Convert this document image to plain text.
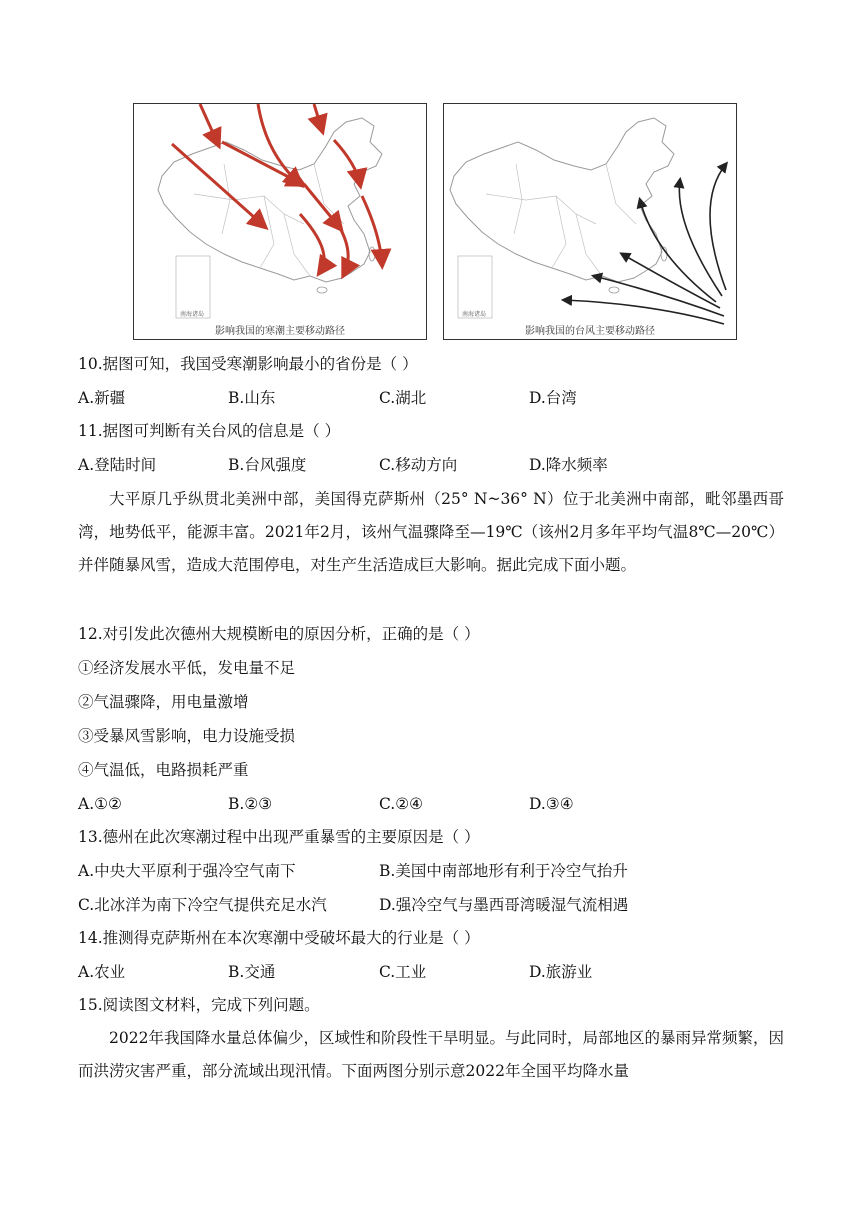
南海诸岛
影响我国的寒潮主要移动路径
南海诸岛
影响我国的台风主要移动路径
10.据图可知，我国受寒潮影响最小的省份是（ ）
A.新疆	B.山东	C.湖北	D.台湾
11.据图可判断有关台风的信息是（ ）
A.登陆时间	B.台风强度	C.移动方向	D.降水频率
大平原几乎纵贯北美洲中部，美国得克萨斯州（25° N~36° N）位于北美洲中南部，毗邻墨西哥湾，地势低平，能源丰富。2021年2月，该州气温骤降至—19℃（该州2月多年平均气温8℃—20℃）并伴随暴风雪，造成大范围停电，对生产生活造成巨大影响。据此完成下面小题。
12.对引发此次德州大规模断电的原因分析，正确的是（ ）
①经济发展水平低，发电量不足
②气温骤降，用电量激增
③受暴风雪影响，电力设施受损
④气温低，电路损耗严重
A.①②	B.②③	C.②④	D.③④
13.德州在此次寒潮过程中出现严重暴雪的主要原因是（ ）
A.中央大平原利于强冷空气南下	B.美国中南部地形有利于冷空气抬升
C.北冰洋为南下冷空气提供充足水汽	D.强冷空气与墨西哥湾暖湿气流相遇
14.推测得克萨斯州在本次寒潮中受破坏最大的行业是（ ）
A.农业	B.交通	C.工业	D.旅游业
15.阅读图文材料，完成下列问题。
2022年我国降水量总体偏少，区域性和阶段性干旱明显。与此同时，局部地区的暴雨异常频繁，因而洪涝灾害严重，部分流域出现汛情。下面两图分别示意2022年全国平均降水量
